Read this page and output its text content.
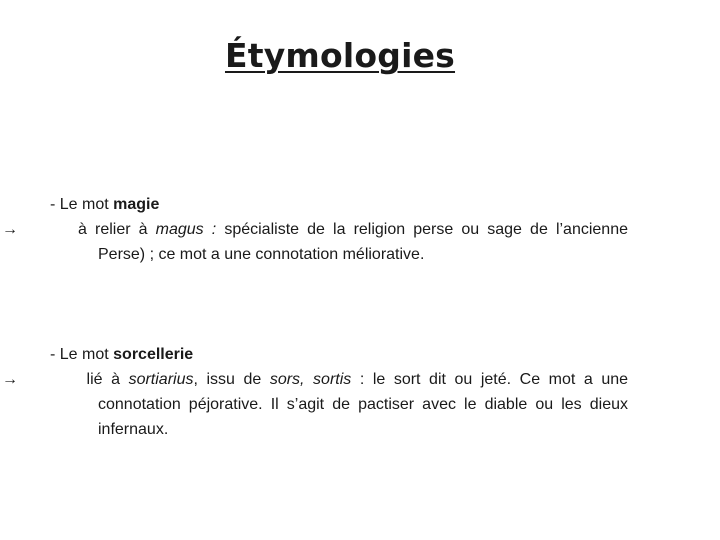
Étymologies
- Le mot magie
→	à relier à magus : spécialiste de la religion perse ou sage de l’ancienne Perse) ; ce mot a une connotation méliorative.
- Le mot sorcellerie
→	lié à sortiarius, issu de sors, sortis : le sort dit ou jeté. Ce mot a une connotation péjorative. Il s’agit de pactiser avec le diable ou les dieux infernaux.
